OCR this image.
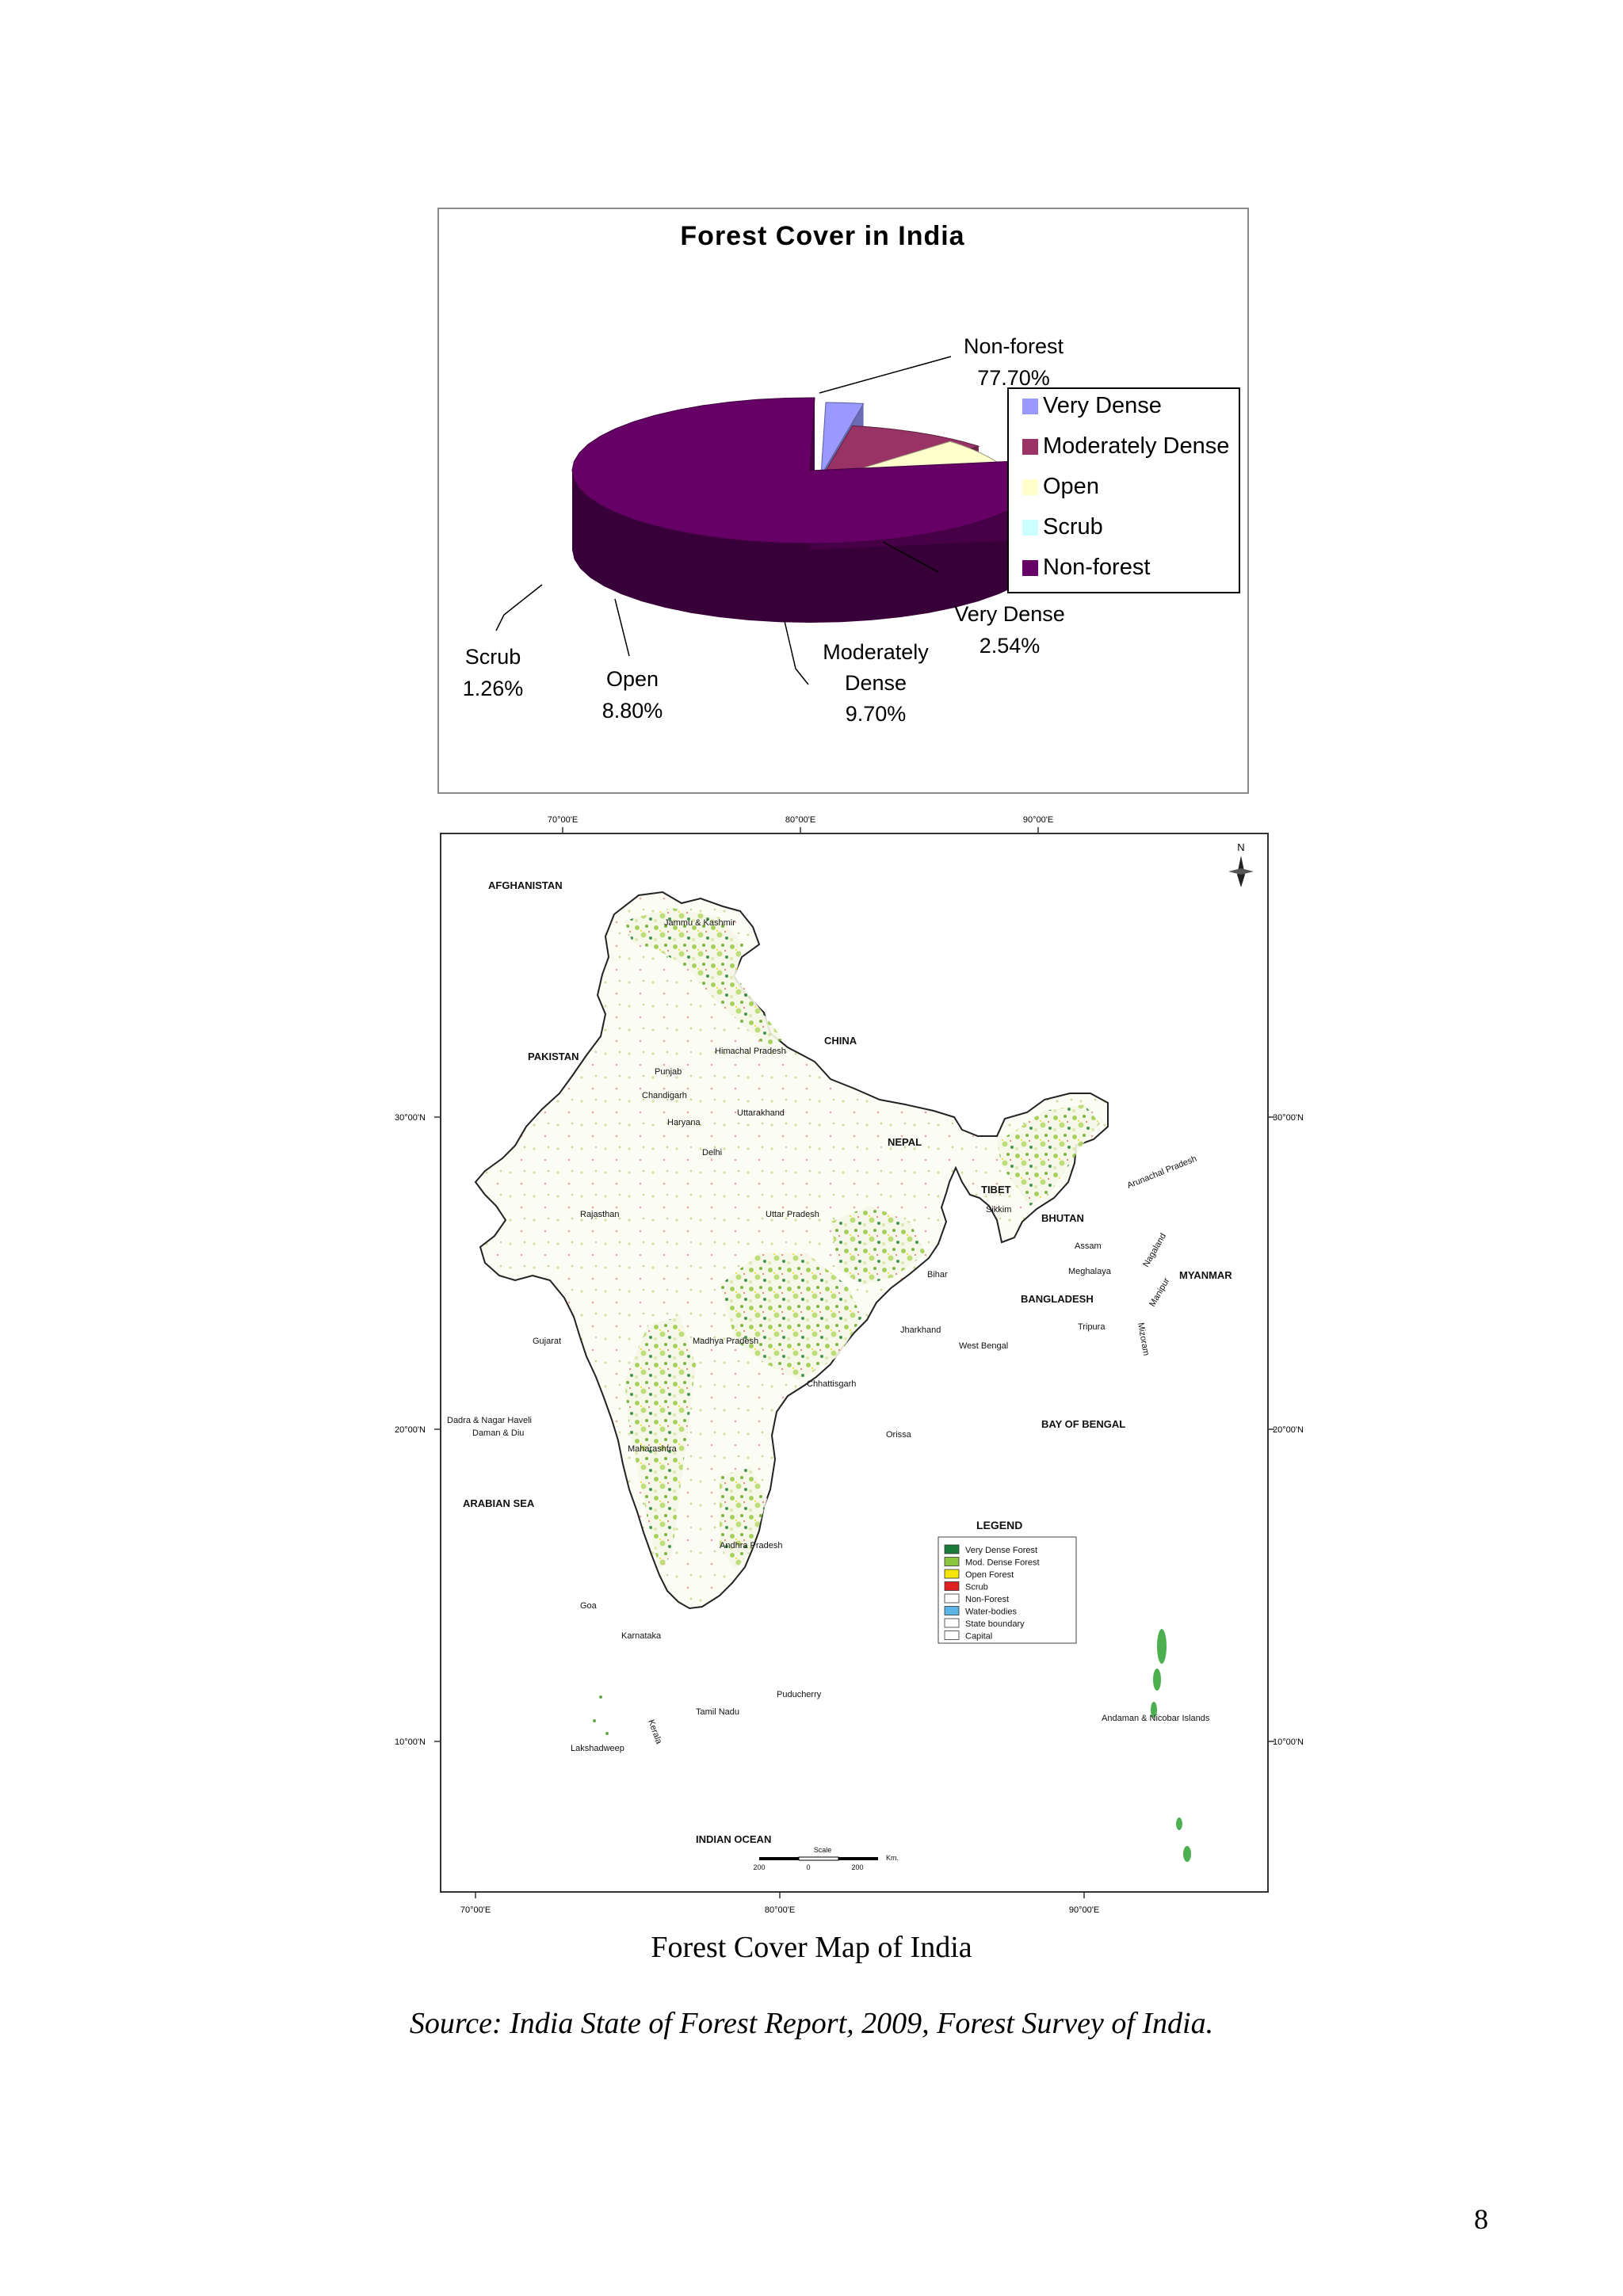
Forest Cover in India
Very Dense
Moderately Dense
Open
Scrub
Non-forest
Non-forest
77.70%
Very Dense
2.54%
Moderately
Dense
9.70%
Open
8.80%
Scrub
1.26%
70°00'E	80°00'E	90°00'E
70°00'E	80°00'E	90°00'E
30°00'N
20°00'N
10°00'N
30°00'N
20°00'N
10°00'N
N
AFGHANISTAN
PAKISTAN
CHINA
NEPAL
TIBET
BHUTAN
BANGLADESH
MYANMAR
ARABIAN SEA
BAY OF BENGAL
INDIAN OCEAN
Jammu & Kashmir
Himachal Pradesh
Punjab
Chandigarh
Uttarakhand
Haryana
Delhi
Rajasthan	Uttar Pradesh	Sikkim
Arunachal Pradesh
Assam	Nagaland
Meghalaya
Manipur
Mizoram
Tripura
Bihar
Jharkhand
West Bengal
Gujarat	Madhya Pradesh
Chhattisgarh
Orissa
Dadra & Nagar Haveli
Daman & Diu
Maharashtra
Andhra Pradesh
Goa
Karnataka
Puducherry
Tamil Nadu
Kerala
Lakshadweep
Andaman & Nicobar Islands
LEGEND
Very Dense Forest
Mod. Dense Forest
Open Forest
Scrub
Non-Forest
Water-bodies
State boundary
Capital
Scale
200	0	200
Km.
Forest Cover Map of India
Source: India State of Forest Report, 2009, Forest Survey of India.
8
